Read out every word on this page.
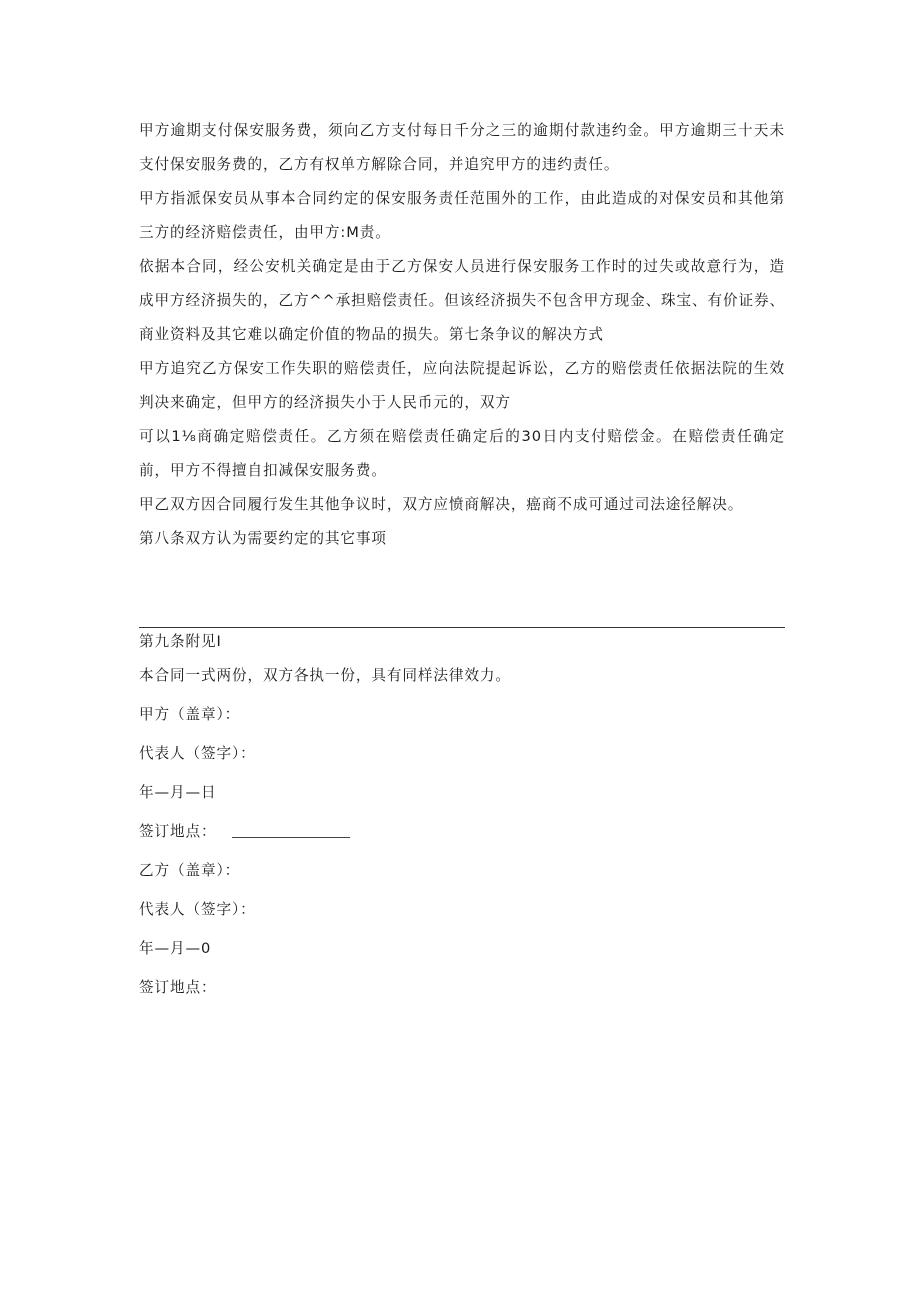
甲方逾期支付保安服务费，须向乙方支付每日千分之三的逾期付款违约金。甲方逾期三十天未支付保安服务费的，乙方有权单方解除合同，并追究甲方的违约责任。

甲方指派保安员从事本合同约定的保安服务责任范围外的工作，由此造成的对保安员和其他第三方的经济赔偿责任，由甲方:M责。

依据本合同，经公安机关确定是由于乙方保安人员进行保安服务工作时的过失或故意行为，造成甲方经济损失的，乙方^^承担赔偿责任。但该经济损失不包含甲方现金、珠宝、有价证券、商业资料及其它难以确定价值的物品的损失。第七条争议的解决方式

甲方追究乙方保安工作失职的赔偿责任，应向法院提起诉讼，乙方的赔偿责任依据法院的生效判决来确定，但甲方的经济损失小于人民币元的，双方

可以1⅛商确定赔偿责任。乙方须在赔偿责任确定后的30日内支付赔偿金。在赔偿责任确定前，甲方不得擅自扣减保安服务费。

甲乙双方因合同履行发生其他争议时，双方应愤商解决，癌商不成可通过司法途径解决。

第八条双方认为需要约定的其它事项

第九条附见I

本合同一式两份，双方各执一份，具有同样法律效力。

甲方（盖章）：

代表人（签字）：

年—月—日

签订地点：

乙方（盖章）：

代表人（签字）：

年—月—0

签订地点：
